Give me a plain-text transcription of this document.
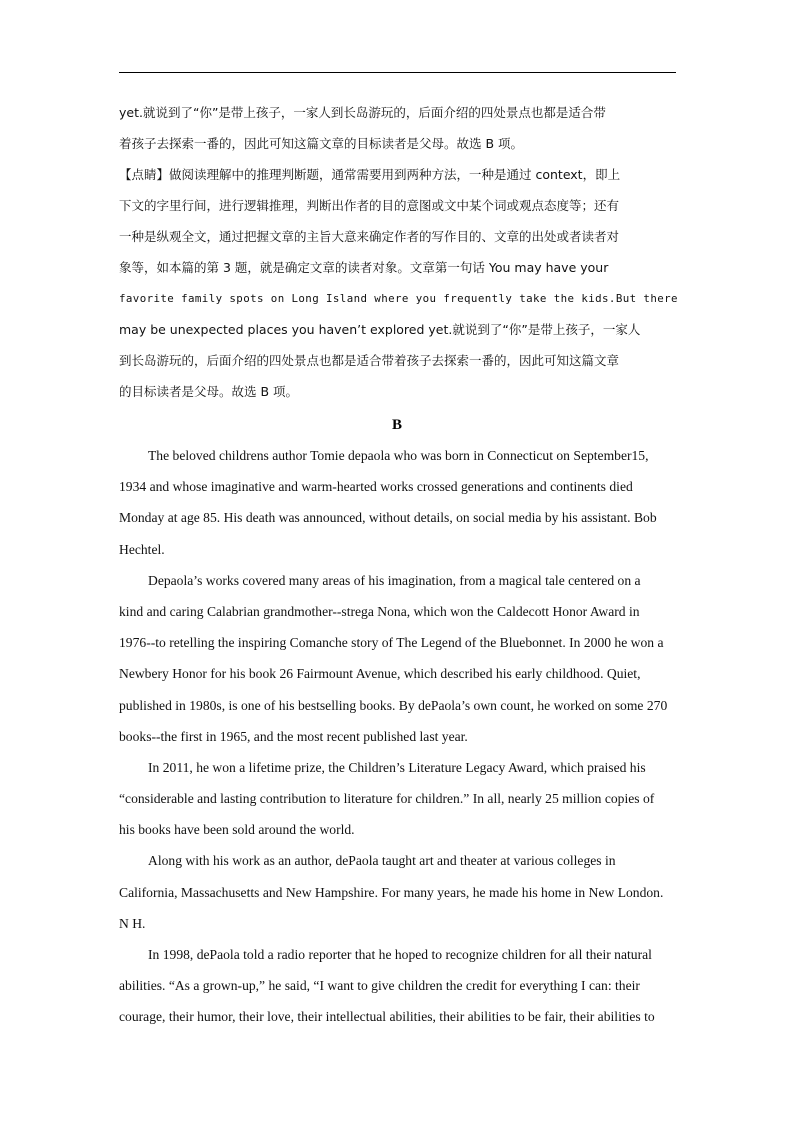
yet.就说到了“你”是带上孩子，一家人到长岛游玩的，后面介绍的四处景点也都是适合带
着孩子去探索一番的，因此可知这篇文章的目标读者是父母。故选 B 项。
【点睛】做阅读理解中的推理判断题，通常需要用到两种方法，一种是通过 context，即上
下文的字里行间，进行逻辑推理，判断出作者的目的意图或文中某个词或观点态度等；还有
一种是纵观全文，通过把握文章的主旨大意来确定作者的写作目的、文章的出处或者读者对
象等，如本篇的第 3 题，就是确定文章的读者对象。文章第一句话 You may have your
favorite family spots on Long Island where you frequently take the kids.But there
may be unexpected places you haven’t explored yet.就说到了“你”是带上孩子，一家人
到长岛游玩的，后面介绍的四处景点也都是适合带着孩子去探索一番的，因此可知这篇文章
的目标读者是父母。故选 B 项。
B
The beloved childrens author Tomie depaola who was born in Connecticut on September15,
1934 and whose imaginative and warm-hearted works crossed generations and continents died
Monday at age 85. His death was announced, without details, on social media by his assistant. Bob
Hechtel.
Depaola’s works covered many areas of his imagination, from a magical tale centered on a
kind and caring Calabrian grandmother--strega Nona, which won the Caldecott Honor Award in
1976--to retelling the inspiring Comanche story of The Legend of the Bluebonnet. In 2000 he won a
Newbery Honor for his book 26 Fairmount Avenue, which described his early childhood. Quiet,
published in 1980s, is one of his bestselling books. By dePaola’s own count, he worked on some 270
books--the first in 1965, and the most recent published last year.
In 2011, he won a lifetime prize, the Children’s Literature Legacy Award, which praised his
“considerable and lasting contribution to literature for children.” In all, nearly 25 million copies of
his books have been sold around the world.
Along with his work as an author, dePaola taught art and theater at various colleges in
California, Massachusetts and New Hampshire. For many years, he made his home in New London.
N H.
In 1998, dePaola told a radio reporter that he hoped to recognize children for all their natural
abilities. “As a grown-up,” he said, “I want to give children the credit for everything I can: their
courage, their humor, their love, their intellectual abilities, their abilities to be fair, their abilities to
